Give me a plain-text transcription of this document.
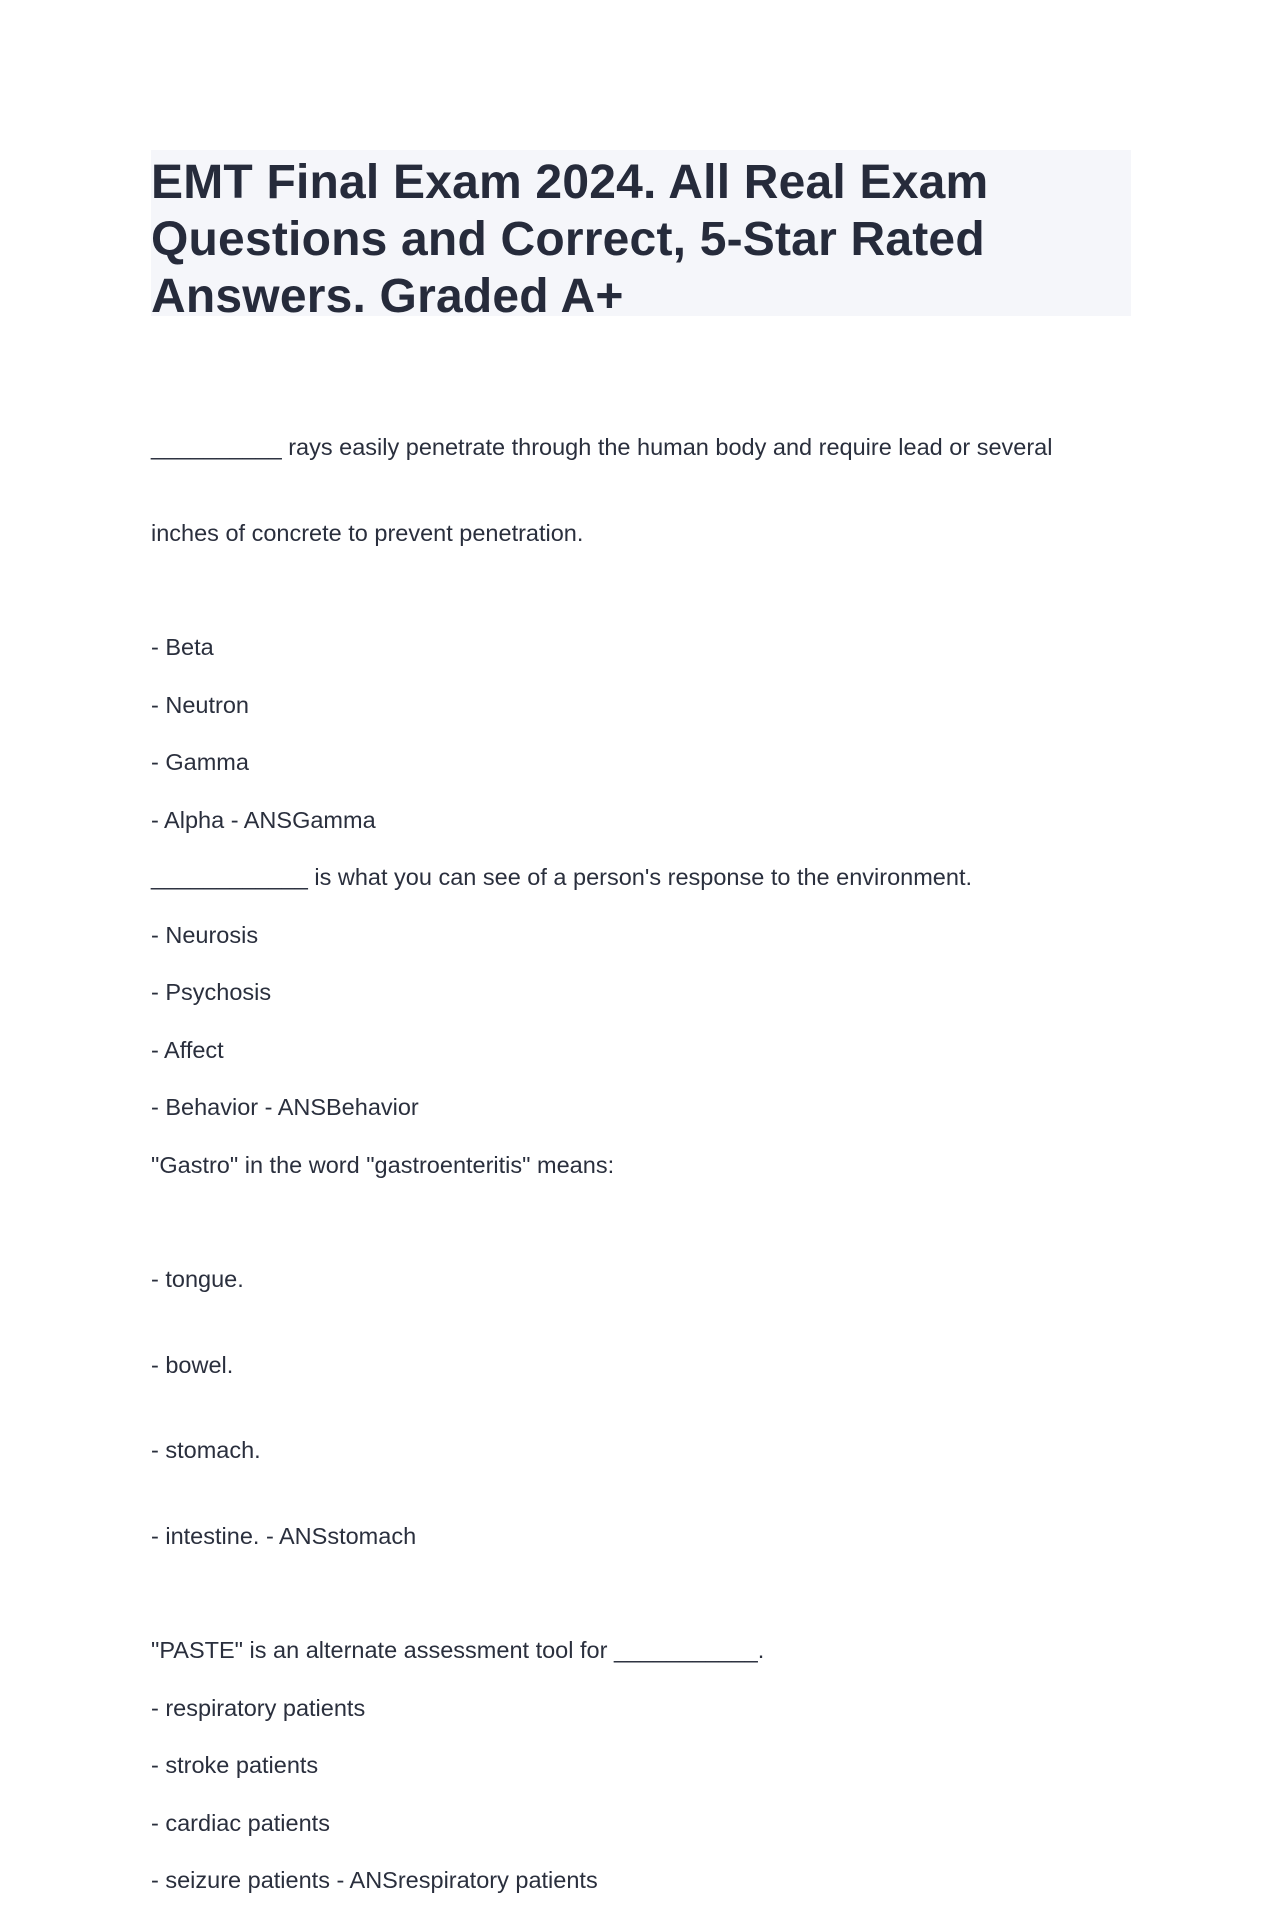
EMT Final Exam 2024. All Real Exam Questions and Correct, 5-Star Rated Answers. Graded A+

__________ rays easily penetrate through the human body and require lead or several

inches of concrete to prevent penetration.

- Beta
- Neutron
- Gamma
- Alpha - ANSGamma
____________ is what you can see of a person's response to the environment.
- Neurosis
- Psychosis
- Affect
- Behavior - ANSBehavior
"Gastro" in the word "gastroenteritis" means:

- tongue.

- bowel.

- stomach.

- intestine. - ANSstomach

"PASTE" is an alternate assessment tool for ___________.
- respiratory patients
- stroke patients
- cardiac patients
- seizure patients - ANSrespiratory patients
